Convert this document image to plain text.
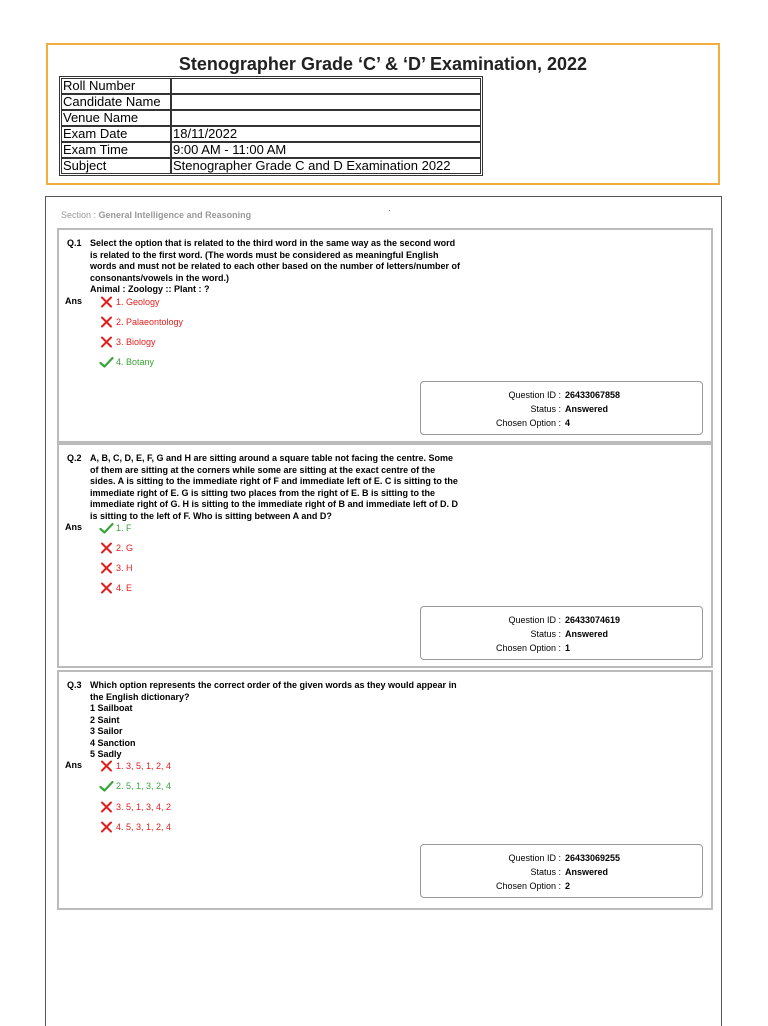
Stenographer Grade ‘C’ & ‘D’ Examination, 2022
Roll Number	
Candidate Name	
Venue Name	
Exam Date	18/11/2022
Exam Time	9:00 AM - 11:00 AM
Subject	Stenographer Grade C and D Examination 2022
·
Section : General Intelligence and Reasoning
Q.1 Select the option that is related to the third word in the same way as the second word
is related to the first word. (The words must be considered as meaningful English
words and must not be related to each other based on the number of letters/number of
consonants/vowels in the word.)
Animal : Zoology :: Plant : ?
Ans	1. Geology
2. Palaeontology
3. Biology
4. Botany
Question ID : 26433067858
Status : Answered
Chosen Option : 4
Q.2 A, B, C, D, E, F, G and H are sitting around a square table not facing the centre. Some
of them are sitting at the corners while some are sitting at the exact centre of the
sides. A is sitting to the immediate right of F and immediate left of E. C is sitting to the
immediate right of E. G is sitting two places from the right of E. B is sitting to the
immediate right of G. H is sitting to the immediate right of B and immediate left of D. D
is sitting to the left of F. Who is sitting between A and D?
Ans	1. F
2. G
3. H
4. E
Question ID : 26433074619
Status : Answered
Chosen Option : 1
Q.3 Which option represents the correct order of the given words as they would appear in
the English dictionary?
1 Sailboat
2 Saint
3 Sailor
4 Sanction
5 Sadly
Ans	1. 3, 5, 1, 2, 4
2. 5, 1, 3, 2, 4
3. 5, 1, 3, 4, 2
4. 5, 3, 1, 2, 4
Question ID : 26433069255
Status : Answered
Chosen Option : 2
